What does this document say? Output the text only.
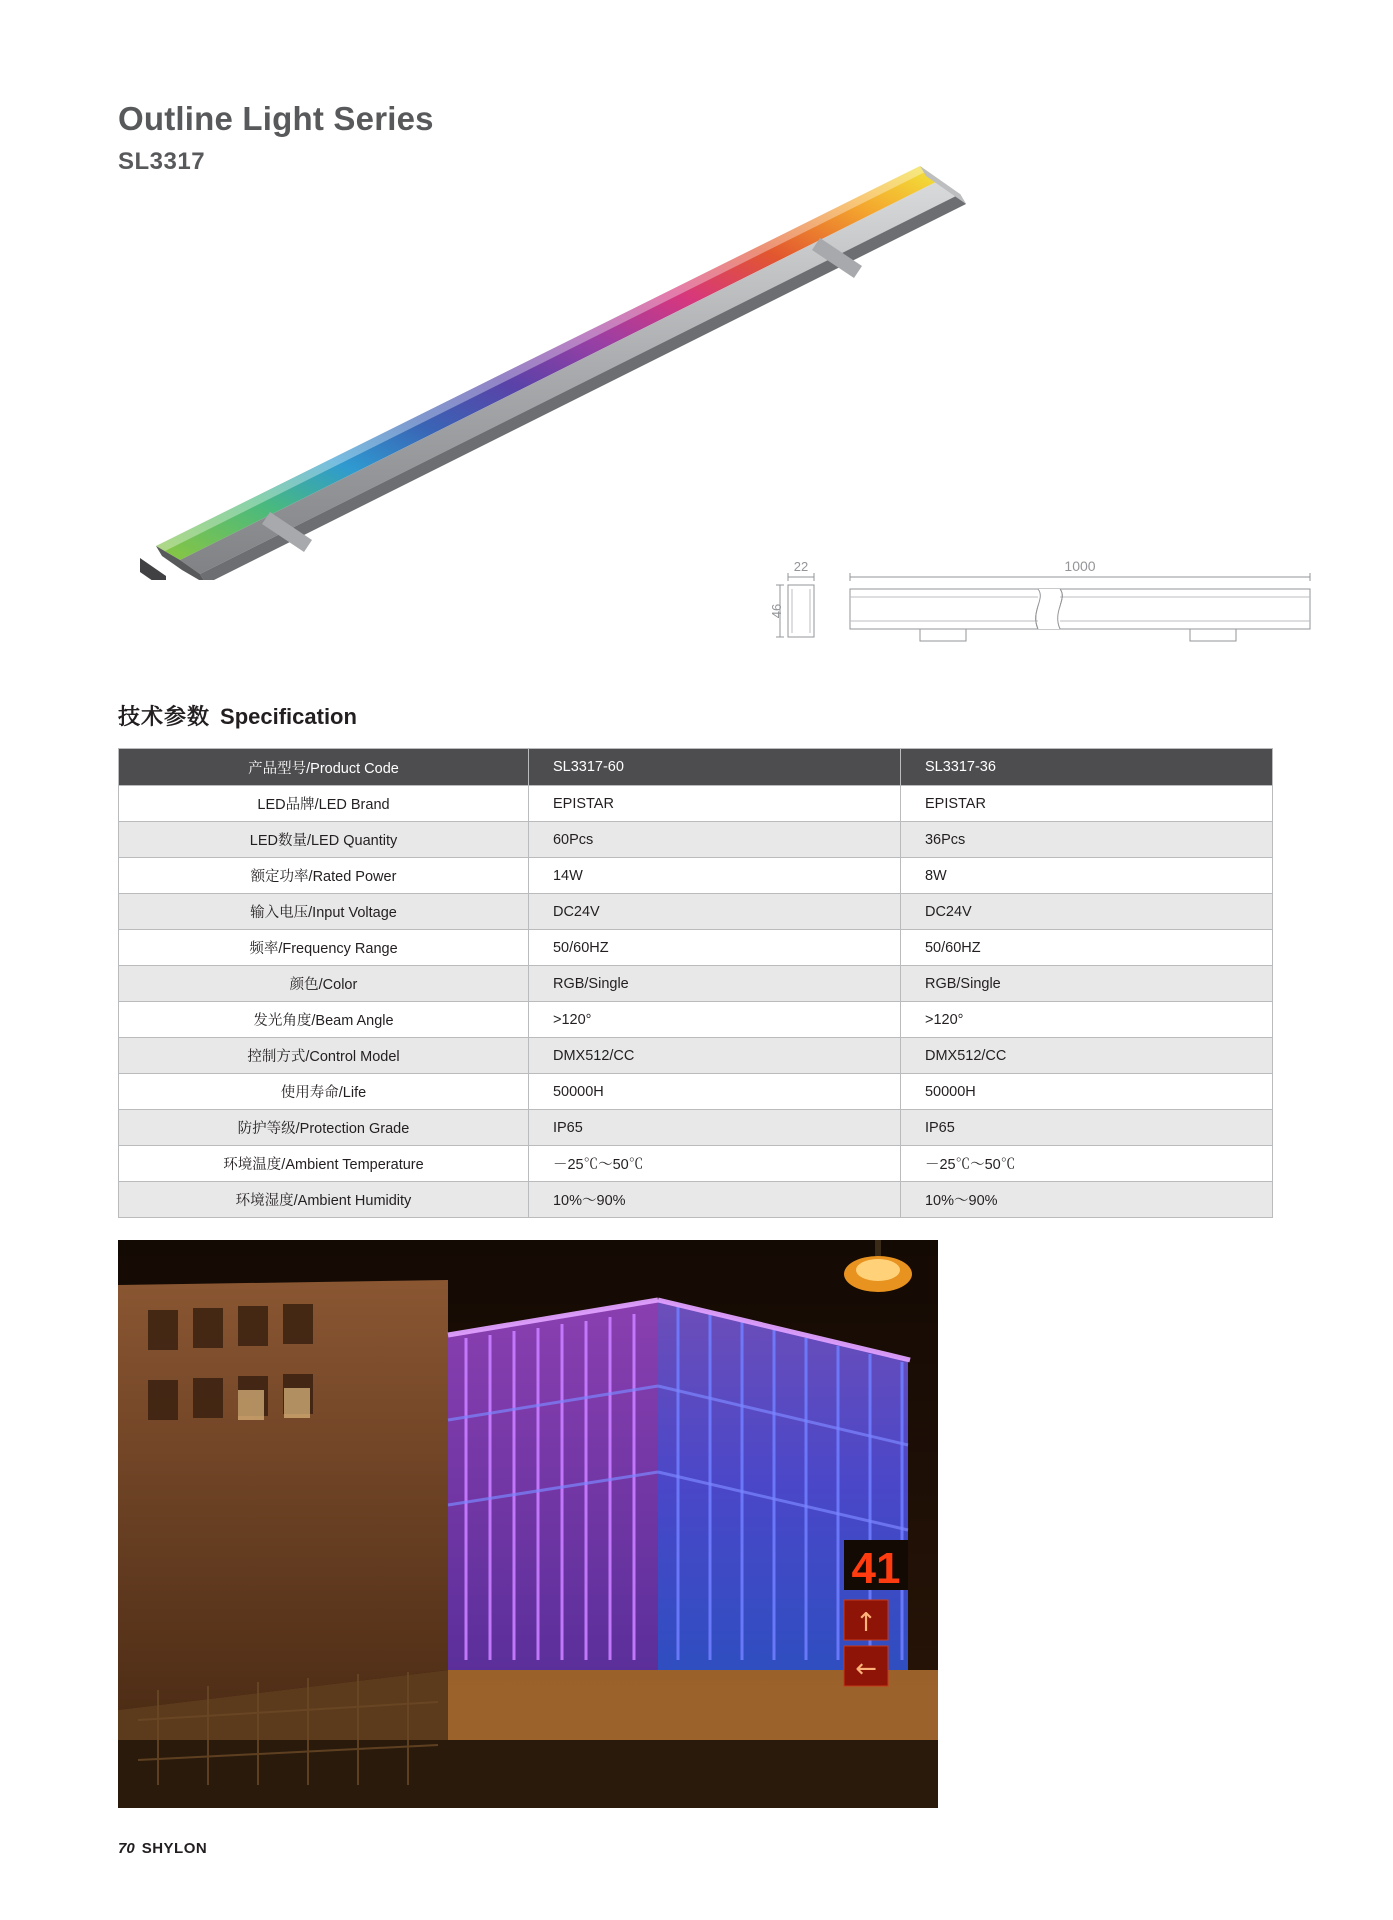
Outline Light Series
SL3317
22
46
1000
技术参数 Specification
产品型号/Product Code	SL3317-60	SL3317-36
LED品牌/LED Brand	EPISTAR	EPISTAR
LED数量/LED Quantity	60Pcs	36Pcs
额定功率/Rated Power	14W	8W
输入电压/Input Voltage	DC24V	DC24V
频率/Frequency Range	50/60HZ	50/60HZ
颜色/Color	RGB/Single	RGB/Single
发光角度/Beam Angle	>120°	>120°
控制方式/Control Model	DMX512/CC	DMX512/CC
使用寿命/Life	50000H	50000H
防护等级/Protection Grade	IP65	IP65
环境温度/Ambient Temperature	－25℃～50℃	－25℃～50℃
环境湿度/Ambient Humidity	10%～90%	10%～90%
41
↑
←
70 SHYLON
